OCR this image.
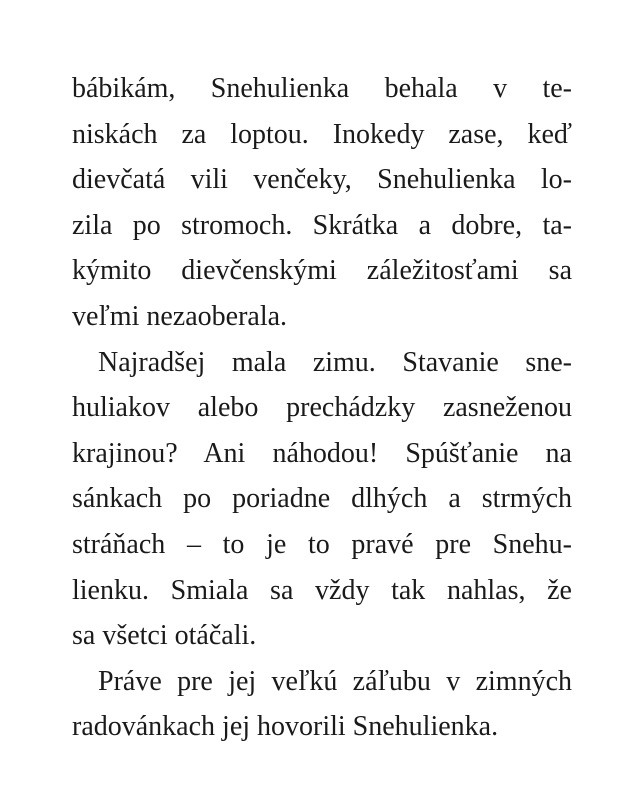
bábikám, Snehulienka behala v te-
niskách za loptou. Inokedy zase, keď
dievčatá vili venčeky, Snehulienka lo-
zila po stromoch. Skrátka a dobre, ta-
kýmito dievčenskými záležitosťami sa
veľmi nezaoberala.
Najradšej mala zimu. Stavanie sne-
huliakov alebo prechádzky zasneženou
krajinou? Ani náhodou! Spúšťanie na
sánkach po poriadne dlhých a strmých
stráňach – to je to pravé pre Snehu-
lienku. Smiala sa vždy tak nahlas, že
sa všetci otáčali.
Práve pre jej veľkú záľubu v zimných
radovánkach jej hovorili Snehulienka.
